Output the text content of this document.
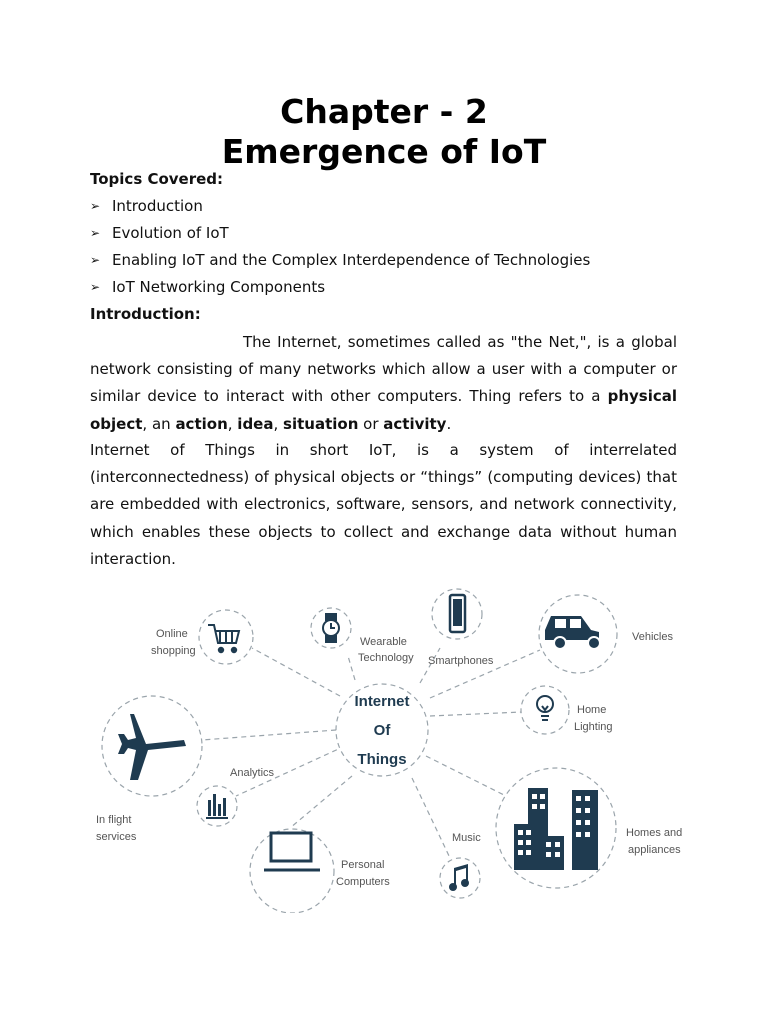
Chapter - 2
Emergence of IoT
Topics Covered:
➢ Introduction
➢ Evolution of IoT
➢ Enabling IoT and the Complex Interdependence of Technologies
➢ IoT Networking Components
Introduction:

The Internet, sometimes called as "the Net,", is a global network consisting of many networks which allow a user with a computer or similar device to interact with other computers. Thing refers to a physical object, an action, idea, situation or activity.

Internet of Things in short IoT, is a system of interrelated (interconnectedness) of physical objects or “things” (computing devices) that are embedded with electronics, software, sensors, and network connectivity, which enables these objects to collect and exchange data without human interaction.

Internet
Of
Things
Online
shopping
Wearable
Technology Smartphones
Vehicles
Home
Lighting
In flight
services
Analytics
Personal
Computers
Music	Homes and
appliances
